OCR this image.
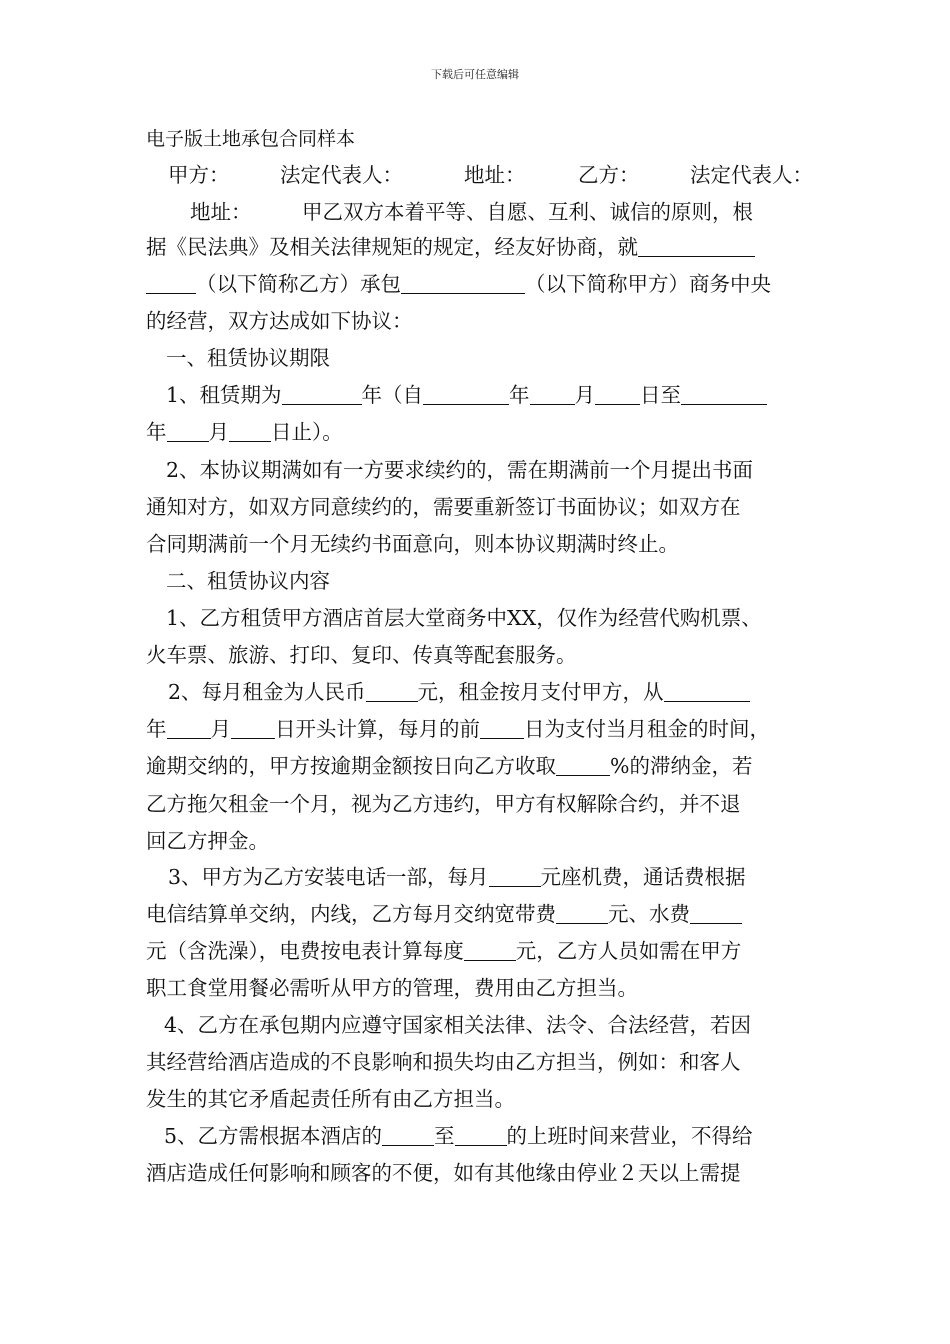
下载后可任意编辑
电子版土地承包合同样本
甲方： 法定代表人：	地址：	乙方： 法定代表人：
地址： 甲乙双方本着平等、自愿、互利、诚信的原则，根
据《民法典》及相关法律规矩的规定，经友好协商，就
（以下简称乙方）承包	（以下简称甲方）商务中央
的经营，双方达成如下协议：
一、租赁协议期限
1、租赁期为	年（自	年 月 日至
年 月 日止）。
2、本协议期满如有一方要求续约的，需在期满前一个月提出书面
通知对方，如双方同意续约的，需要重新签订书面协议；如双方在
合同期满前一个月无续约书面意向，则本协议期满时终止。
二、租赁协议内容
1、乙方租赁甲方酒店首层大堂商务中XX，仅作为经营代购机票、
火车票、旅游、打印、复印、传真等配套服务。
2、每月租金为人民币	元，租金按月支付甲方，从
年 月 日开头计算，每月的前 日为支付当月租金的时间，
逾期交纳的，甲方按逾期金额按日向乙方收取	%的滞纳金，若
乙方拖欠租金一个月，视为乙方违约，甲方有权解除合约，并不退
回乙方押金。
3、甲方为乙方安装电话一部，每月	元座机费，通话费根据
电信结算单交纳，内线，乙方每月交纳宽带费	元、水费
元（含洗澡），电费按电表计算每度	元，乙方人员如需在甲方
职工食堂用餐必需听从甲方的管理，费用由乙方担当。
4、乙方在承包期内应遵守国家相关法律、法令、合法经营，若因
其经营给酒店造成的不良影响和损失均由乙方担当，例如：和客人
发生的其它矛盾起责任所有由乙方担当。
5、乙方需根据本酒店的	至	的上班时间来营业，不得给
酒店造成任何影响和顾客的不便，如有其他缘由停业２天以上需提
